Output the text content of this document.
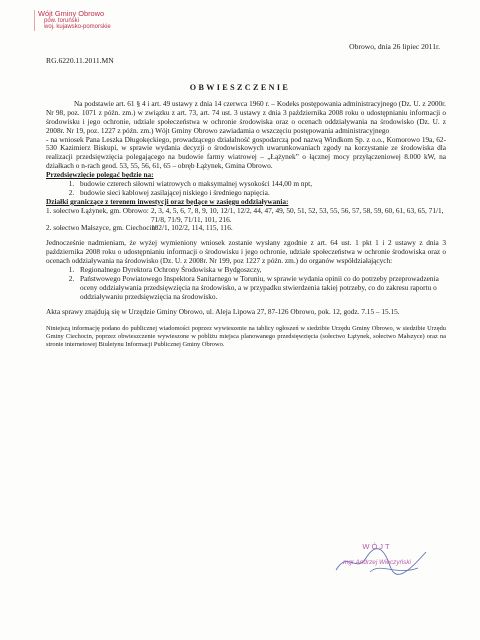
Wójt Gminy Obrowo
pow. toruński
woj. kujawsko-pomorskie
Obrowo, dnia 26 lipiec 2011r.
RG.6220.11.2011.MN
OBWIESZCZENIE

Na podstawie art. 61 § 4 i art. 49 ustawy z dnia 14 czerwca 1960 r. – Kodeks postępowania administracyjnego (Dz. U. z 2000r. Nr 98, poz. 1071 z późn. zm.) w związku z art. 73, art. 74 ust. 3 ustawy z dnia 3 października 2008 roku o udostępnianiu informacji o środowisku i jego ochronie, udziale społeczeństwa w ochronie środowiska oraz o ocenach oddziaływania na środowisko (Dz. U. z 2008r. Nr 19, poz. 1227 z późn. zm.) Wójt Gminy Obrowo zawiadamia o wszczęciu postępowania administracyjnego

- na wniosek Pana Leszka Długokęckiego, prowadzącego działalność gospodarczą pod nazwą Windkom Sp. z o.o., Komorowo 19a, 62-530 Kazimierz Biskupi, w sprawie wydania decyzji o środowiskowych uwarunkowaniach zgody na korzystanie ze środowiska dla realizacji przedsięwzięcia polegającego na budowie farmy wiatrowej – „Łążynek” o łącznej mocy przyłączeniowej 8.000 kW, na działkach o n-rach geod. 53, 55, 56, 61, 65 – obręb Łążynek, Gmina Obrowo.

Przedsięwzięcie polegać będzie na:
1. budowie czterech siłowni wiatrowych o maksymalnej wysokości 144,00 m npt,
2. budowie sieci kablowej zasilającej niskiego i średniego napięcia.
Działki graniczące z terenem inwestycji oraz będące w zasięgu oddziaływania:
1. sołectwo Łążynek, gm. Obrowo: 2, 3, 4, 5, 6, 7, 8, 9, 10, 12/1, 12/2, 44, 47, 49, 50, 51, 52, 53, 55, 56, 57, 58, 59, 60, 61, 63, 65, 71/1, 71/8, 71/9, 71/11, 101, 216.
2. sołectwo Małszyce, gm. Ciechocin:
102/1, 102/2, 114, 115, 116.

Jednocześnie nadmieniam, że wyżej wymieniony wniosek zostanie wysłany zgodnie z art. 64 ust. 1 pkt 1 i 2 ustawy z dnia 3 października 2008 roku o udostępnianiu informacji o środowisku i jego ochronie, udziale społeczeństwa w ochronie środowiska oraz o ocenach oddziaływania na środowisko (Dz. U. z 2008r. Nr 199, poz 1227 z późn. zm.) do organów współdziałających:

1. Regionalnego Dyrektora Ochrony Środowiska w Bydgoszczy,
2. Państwowego Powiatowego Inspektora Sanitarnego w Toruniu, w sprawie wydania opinii co do potrzeby przeprowadzenia oceny oddziaływania przedsięwzięcia na środowisko, a w przypadku stwierdzenia takiej potrzeby, co do zakresu raportu o oddziaływaniu przedsięwzięcia na środowisko.

Akta sprawy znajdują się w Urzędzie Gminy Obrowo, ul. Aleja Lipowa 27, 87-126 Obrowo, pok. 12, godz. 7.15 – 15.15.

Niniejszą informację podano do publicznej wiadomości poprzez wywieszenie na tablicy ogłoszeń w siedzibie Urzędu Gminy Obrowo, w siedzibie Urzędu Gminy Ciechocin, poprzez obwieszczenie wywieszone w pobliżu miejsca planowanego przedsięwzięcia (sołectwo Łążynek, sołectwo Małszyce) oraz na stronie internetowej Biuletynu Informacji Publicznej Gminy Obrowo.

WÓJT
mgr Andrzej Wieczyński
